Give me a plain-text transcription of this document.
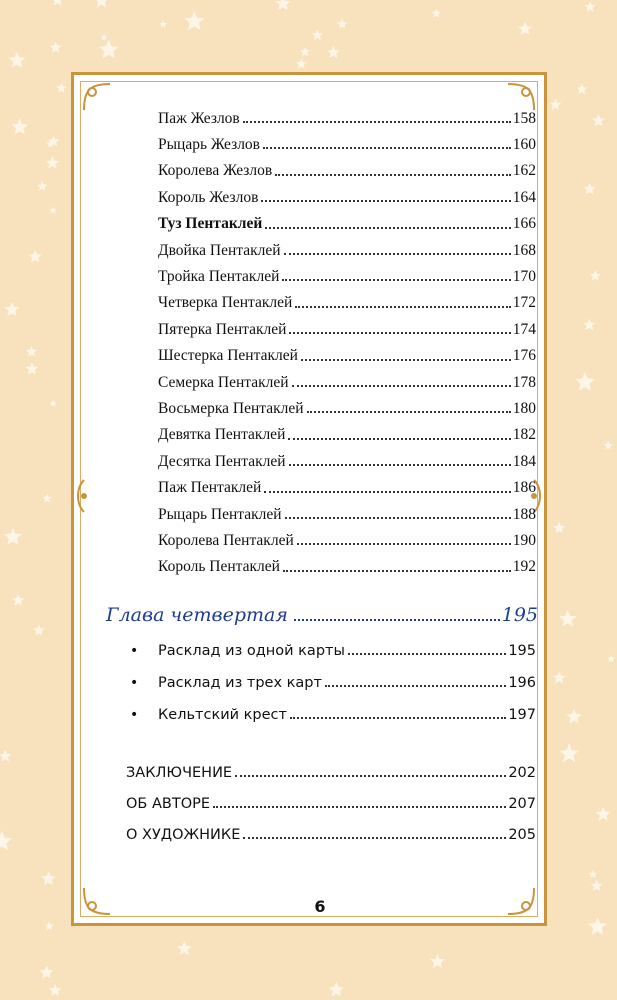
Паж Жезлов	158
Рыцарь Жезлов	160
Королева Жезлов	162
Король Жезлов	164
Туз Пентаклей	166
Двойка Пентаклей	168
Тройка Пентаклей	170
Четверка Пентаклей	172
Пятерка Пентаклей	174
Шестерка Пентаклей	176
Семерка Пентаклей	178
Восьмерка Пентаклей	180
Девятка Пентаклей	182
Десятка Пентаклей	184
Паж Пентаклей	186
Рыцарь Пентаклей	188
Королева Пентаклей	190
Король Пентаклей	192
Глава четвертая	195
•	Расклад из одной карты	195
•	Расклад из трех карт	196
•	Кельтский крест	197
ЗАКЛЮЧЕНИЕ	202
ОБ АВТОРЕ	207
О ХУДОЖНИКЕ	205
6
